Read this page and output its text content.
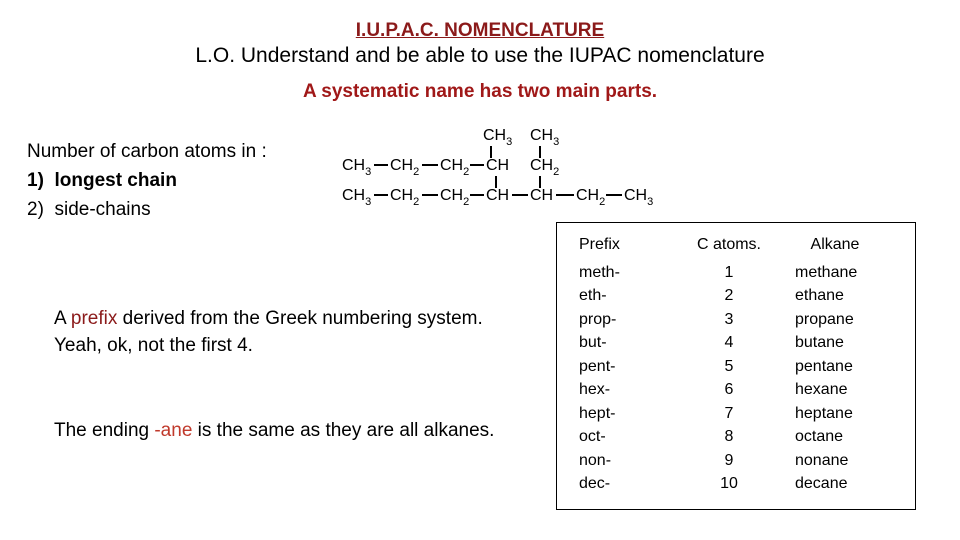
I.U.P.A.C. NOMENCLATURE
L.O. Understand and be able to use the IUPAC nomenclature
A systematic name has two main parts.
Number of carbon atoms in :
1) longest chain
2) side-chains
$CH_3$ $CH_3$
$CH_3$ $CH_2$ $CH_2$ CH $CH_2$
$CH_3$ $CH_2$ $CH_2$ CH CH $CH_2$ $CH_3$
A prefix derived from the Greek numbering system. Yeah, ok, not the first 4.
The ending -ane is the same as they are all alkanes.
Prefix
meth-
eth-
prop-
but-
pent-
hex-
hept-
oct-
non-
dec-
C atoms.
1
2
3
4
5
6
7
8
9
10
Alkane
methane
ethane
propane
butane
pentane
hexane
heptane
octane
nonane
decane
